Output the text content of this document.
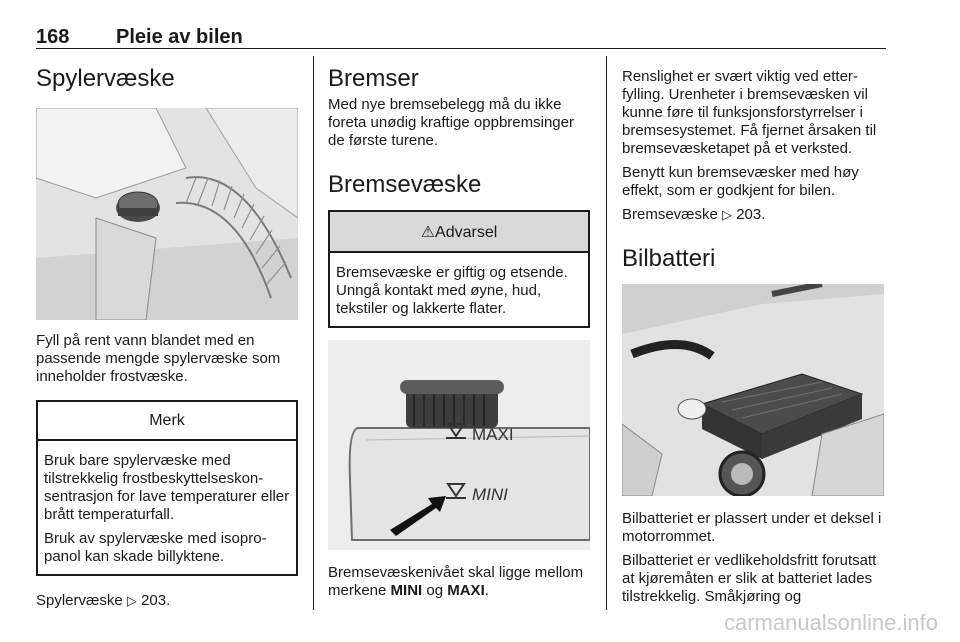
168 Pleie av bilen
Spylervæske

Fyll på rent vann blandet med en passende mengde spylervæske som inneholder frostvæske.

Merk

Bruk bare spylervæske med tilstrekkelig frostbeskyttelseskonsentrasjon for lave temperaturer eller brått temperaturfall.

Bruk av spylervæske med isopropanol kan skade billyktene.

Spylervæske ▷ 203.

Bremser

Med nye bremsebelegg må du ikke foreta unødig kraftige oppbremsinger de første turene.

Bremsevæske
⚠Advarsel

Bremsevæske er giftig og etsende. Unngå kontakt med øyne, hud, tekstiler og lakkerte flater.

MAXI
MINI

Bremsevæskenivået skal ligge mellom merkene MINI og MAXI.

Renslighet er svært viktig ved etterfylling. Urenheter i bremsevæsken vil kunne føre til funksjonsforstyrrelser i bremsesystemet. Få fjernet årsaken til bremsevæsketapet på et verksted.

Benytt kun bremsevæsker med høy effekt, som er godkjent for bilen.

Bremsevæske ▷ 203.

Bilbatteri

Bilbatteriet er plassert under et deksel i motorrommet.

Bilbatteriet er vedlikeholdsfritt forutsatt at kjøremåten er slik at batteriet lades tilstrekkelig. Småkjøring og

carmanualsonline.info
